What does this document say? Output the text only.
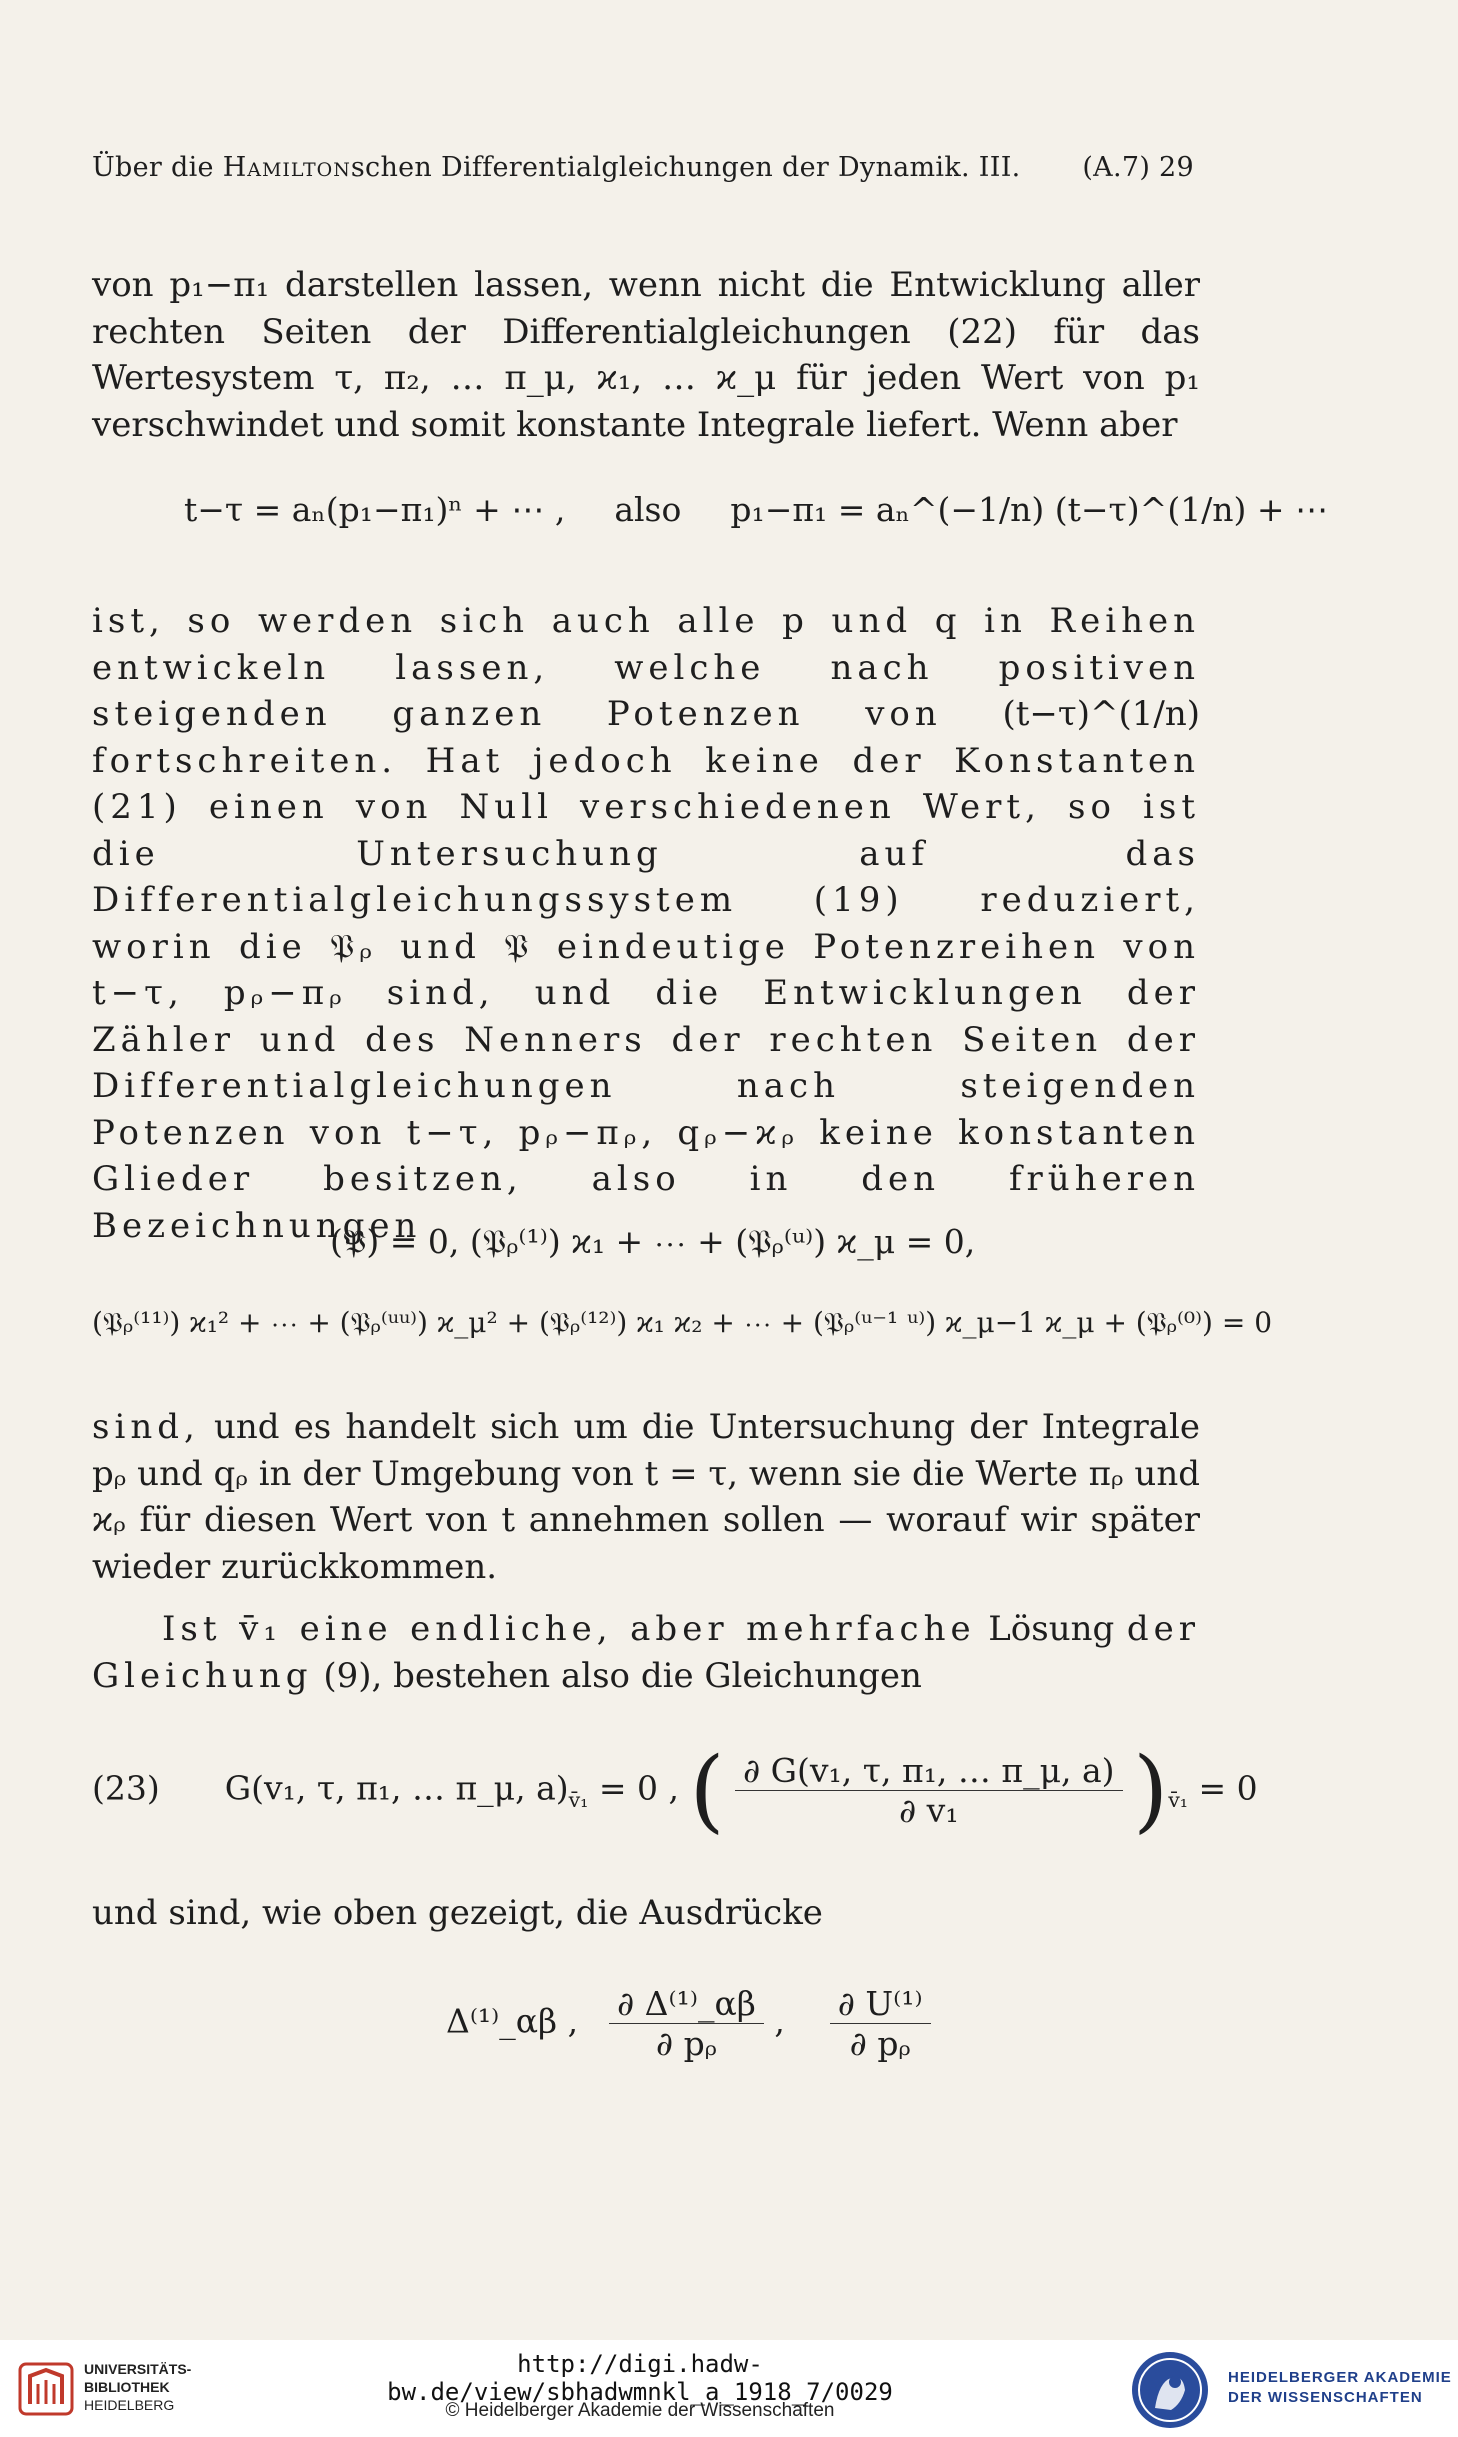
Über die Hamiltonschen Differentialgleichungen der Dynamik. III. (A.7) 29

von p₁−π₁ darstellen lassen, wenn nicht die Entwicklung aller rechten Seiten der Differentialgleichungen (22) für das Wertesystem τ, π₂, … π_μ, ϰ₁, … ϰ_μ für jeden Wert von p₁ verschwindet und somit konstante Integrale liefert. Wenn aber

t−τ = aₙ(p₁−π₁)ⁿ + ⋯ , also p₁−π₁ = aₙ^(−1/n) (t−τ)^(1/n) + ⋯

ist, so werden sich auch alle p und q in Reihen entwickeln lassen, welche nach positiven steigenden ganzen Potenzen von (t−τ)^(1/n) fortschreiten. Hat jedoch keine der Konstanten (21) einen von Null verschiedenen Wert, so ist die Untersuchung auf das Differentialgleichungssystem (19) reduziert, worin die 𝔓ᵨ und 𝔓 eindeutige Potenzreihen von t−τ, pᵨ−πᵨ sind, und die Entwicklungen der Zähler und des Nenners der rechten Seiten der Differentialgleichungen nach steigenden Potenzen von t−τ, pᵨ−πᵨ, qᵨ−ϰᵨ keine konstanten Glieder besitzen, also in den früheren Bezeichnungen

(𝔓) = 0, (𝔓ᵨ⁽¹⁾) ϰ₁ + ⋯ + (𝔓ᵨ⁽ᵘ⁾) ϰ_μ = 0,
(𝔓ᵨ⁽¹¹⁾) ϰ₁² + ⋯ + (𝔓ᵨ⁽ᵘᵘ⁾) ϰ_μ² + (𝔓ᵨ⁽¹²⁾) ϰ₁ ϰ₂ + ⋯ + (𝔓ᵨ⁽ᵘ⁻¹ ᵘ⁾) ϰ_μ−1 ϰ_μ + (𝔓ᵨ⁽⁰⁾) = 0

sind, und es handelt sich um die Untersuchung der Integrale pᵨ und qᵨ in der Umgebung von t = τ, wenn sie die Werte πᵨ und ϰᵨ für diesen Wert von t annehmen sollen — worauf wir später wieder zurückkommen.

Ist v̄₁ eine endliche, aber mehrfache Lösung der Gleichung (9), bestehen also die Gleichungen

(23) G(v₁, τ, π₁, … π_μ, $a)_{v̄_1} = 0$ , ( $\frac{\text{∂ G(v₁, τ, π₁, … π\_μ, a)}}{\text{∂ v₁}} )_{v̄_1} = 0$

und sind, wie oben gezeigt, die Ausdrücke

Δ⁽¹⁾_αβ , $\frac{\text{∂ Δ⁽¹⁾\_αβ}}{\text{∂ pᵨ}}$ , $\frac{\text{∂ U⁽¹⁾}}{\text{∂ pᵨ}}$
UNIVERSITÄTS-
BIBLIOTHEK
HEIDELBERG
http://digi.hadw-bw.de/view/sbhadwmnkl_a_1918_7/0029
© Heidelberger Akademie der Wissenschaften
HEIDELBERGER AKADEMIE
DER WISSENSCHAFTEN
